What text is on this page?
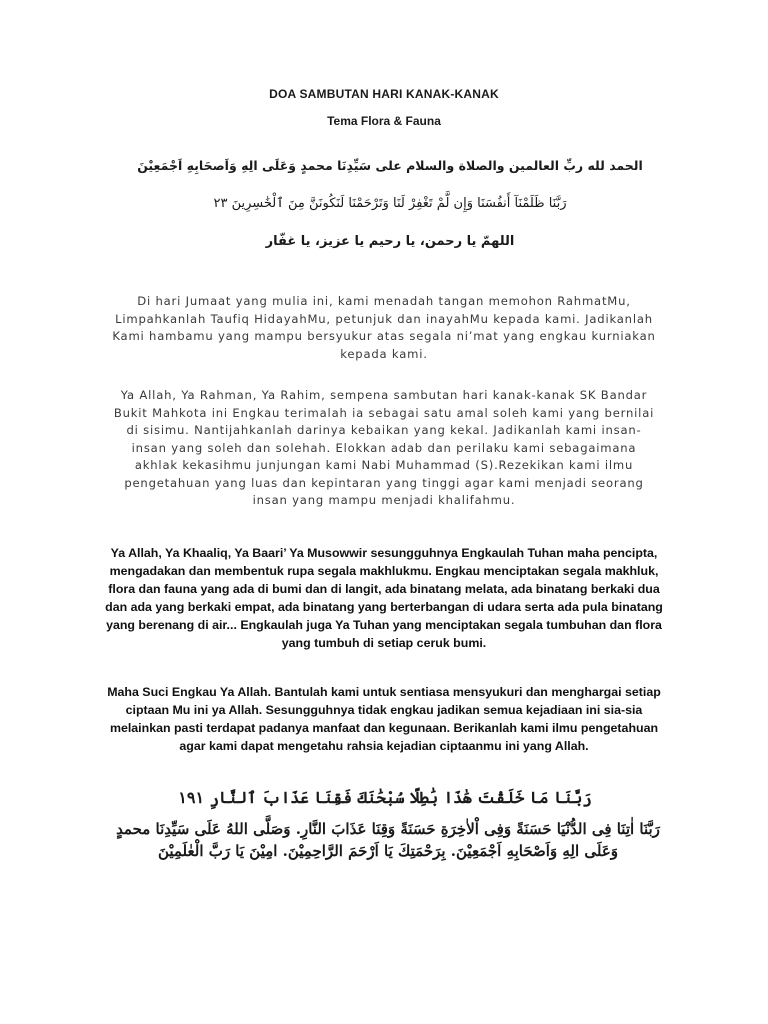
DOA SAMBUTAN HARI KANAK-KANAK
Tema Flora & Fauna
الحمد لله ربِّ العالمين والصلاة والسلام على سَيِّدِنَا محمدٍ وَعَلَى الِهِ وَاَصحَابِهِ اَجْمَعِيْنَ
رَبَّنَا ظَلَمْنَآ أَنفُسَنَا وَإِن لَّمْ تَغْفِرْ لَنَا وَتَرْحَمْنَا لَنَكُونَنَّ مِنَ ٱلْخَٰسِرِينَ ٢٣
اللهمّ يا رحمن، يا رحيم يا عزيز، يا غفّار
Di hari Jumaat yang mulia ini, kami menadah tangan memohon RahmatMu, Limpahkanlah Taufiq HidayahMu, petunjuk dan inayahMu kepada kami. Jadikanlah Kami hambamu yang mampu bersyukur atas segala ni’mat yang engkau kurniakan kepada kami.
Ya Allah, Ya Rahman, Ya Rahim, sempena sambutan hari kanak-kanak SK Bandar Bukit Mahkota ini Engkau terimalah ia sebagai satu amal soleh kami yang bernilai di sisimu. Nantijahkanlah darinya kebaikan yang kekal. Jadikanlah kami insan-insan yang soleh dan solehah. Elokkan adab dan perilaku kami sebagaimana akhlak kekasihmu junjungan kami Nabi Muhammad (S).Rezekikan kami ilmu pengetahuan yang luas dan kepintaran yang tinggi agar kami menjadi seorang insan yang mampu menjadi khalifahmu.
Ya Allah, Ya Khaaliq, Ya Baari’ Ya Musowwir sesungguhnya Engkaulah Tuhan maha pencipta, mengadakan dan membentuk rupa segala makhlukmu. Engkau menciptakan segala makhluk, flora dan fauna yang ada di bumi dan di langit, ada binatang melata, ada binatang berkaki dua dan ada yang berkaki empat, ada binatang yang berterbangan di udara serta ada pula binatang yang berenang di air... Engkaulah juga Ya Tuhan yang menciptakan segala tumbuhan dan flora yang tumbuh di setiap ceruk bumi.
Maha Suci Engkau Ya Allah. Bantulah kami untuk sentiasa mensyukuri dan menghargai setiap ciptaan Mu ini ya Allah. Sesungguhnya tidak engkau jadikan semua kejadiaan ini sia-sia melainkan pasti terdapat padanya manfaat dan kegunaan. Berikanlah kami ilmu pengetahuan agar kami dapat mengetahu rahsia kejadian ciptaanmu ini yang Allah.
رَبَّنَا مَا خَلَقْتَ هَٰذَا بَٰطِلًا سُبْحَٰنَكَ فَقِنَا عَذَابَ ٱلنَّارِ ١٩١
رَبَّنَا اٰتِنَا فِى الدُّنْيَا حَسَنَةً وَفِى اْلاٰخِرَةِ حَسَنَةً وَقِنَا عَذَابَ النَّارِ. وَصَلَّى اللهُ عَلَى سَيِّدِنَا محمدٍ وَعَلَى الِهِ وَاَصْحَابِهِ اَجْمَعِيْنَ. بِرَحْمَتِكَ يَا اَرْحَمَ الرَّاحِمِيْنَ. امِيْنَ يَا رَبَّ الْعٰلَمِيْنَ
